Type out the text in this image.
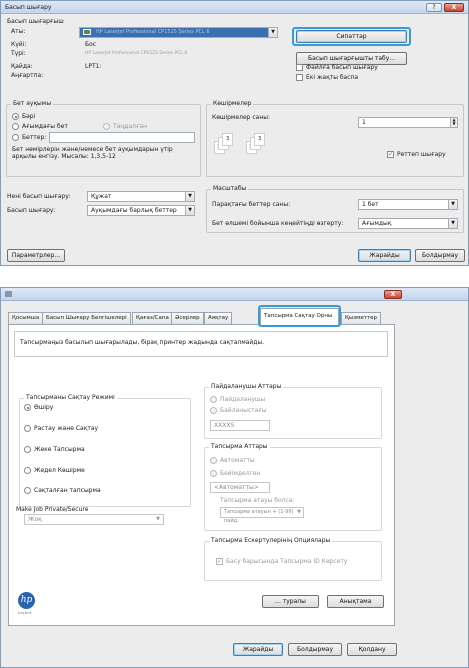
Басып шығару	?	X
Басып шығарғыш
Аты:	HP LaserJet Professional CP1525 Series PCL 6	▼
Сипаттар
Күйі:	Бос
Түрі:	HP LaserJet Professional CP1525 Series PCL 6
Басып шығарғышты табу...
Қайда:	LPT1:
Аңғартпа:
Файлға басып шығару
Екі жақты баспа
Бет ауқымы
Бәрі
Ағымдағы бет	Таңдалған
Беттер:
Бет нөмірлерін және/немесе бет ауқымдарын үтір арқылы енгізу. Мысалы: 1,3,5-12
Көшірмелер
Көшірмелер саны:
1	▲
▼
3	3
✓ Реттеп шығару
Нені басып шығару:	Құжат	▼
Басып шығару:	Ауқымдағы барлық беттер	▼
Масштабы
Парақтағы беттер саны:	1 бет	▼
Бет өлшемі бойынша кеңейтіңді өзгерту:	Ағымдық	▼
Параметрлер...	Жарайды	Болдырмау
X
Қосымша	Басып Шығару Белгішелері	Қағаз/Сапа	Әсерлер	Аяқтау	Тапсырма Сақтау Орны	Қызметтер
Тапсырмаңыз басылып шығарылады, бірақ принтер жадында сақталмайды.
Тапсырманы Сақтау Режимі
Өшіру
Растау және Сақтау
Жеке Тапсырма
Жедел Көшірме
Сақталған тапсырма
Make Job Private/Secure
Жоқ	▼
Пайдаланушы Аттары
Пайдаланушы
Байланыстағы
XXXXS
Тапсырма Аттары
Автоматты
Бейімделген
<Автоматты>
Тапсырма атауы болса:
Тапсырма атауын + (1-99) пайд.
▼
Тапсырма Ескертулерінің Опциялары
✓ Басу барысында Тапсырма ID Көрсету
hp
invent
... туралы	Анықтама
Жарайды	Болдырмау	Қолдану
